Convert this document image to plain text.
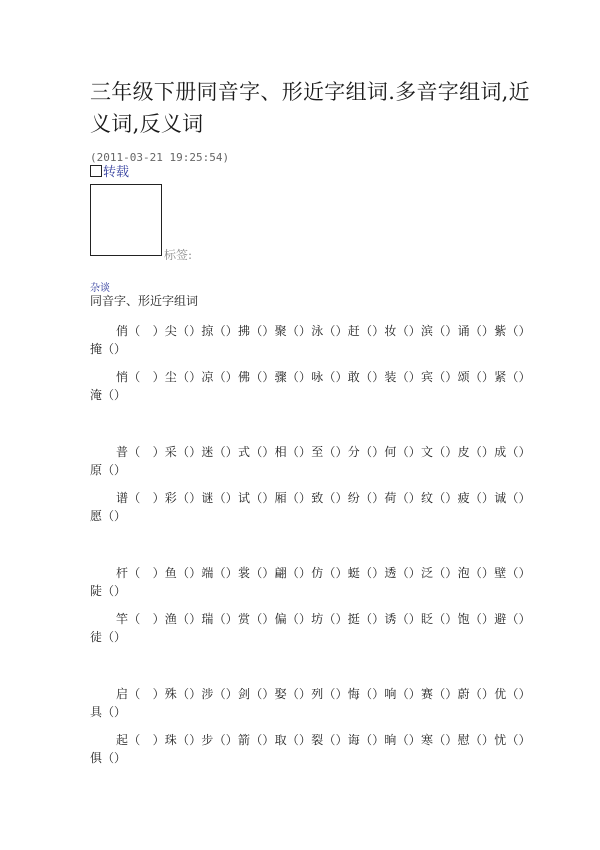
三年级下册同音字、形近字组词.多音字组词,近义词,反义词
(2011-03-21 19:25:54)
转载
标签:
杂谈
同音字、形近字组词
俏（　）尖（）掠（）拂（）聚（）泳（）赶（）妆（）滨（）诵（）紫（）
掩（）
悄（　）尘（）凉（）佛（）骤（）咏（）敢（）装（）宾（）颂（）紧（）
淹（）
普（　）采（）迷（）式（）相（）至（）分（）何（）文（）皮（）成（）
原（）
谱（　）彩（）谜（）试（）厢（）致（）纷（）荷（）纹（）疲（）诚（）
愿（）
杆（　）鱼（）端（）裳（）翩（）仿（）蜓（）透（）泛（）泡（）壁（）
陡（）
竿（　）渔（）瑞（）赏（）偏（）坊（）挺（）诱（）眨（）饱（）避（）
徒（）
启（　）殊（）涉（）剑（）娶（）列（）悔（）响（）赛（）蔚（）优（）
具（）
起（　）珠（）步（）箭（）取（）裂（）诲（）晌（）寒（）慰（）忧（）
俱（）
